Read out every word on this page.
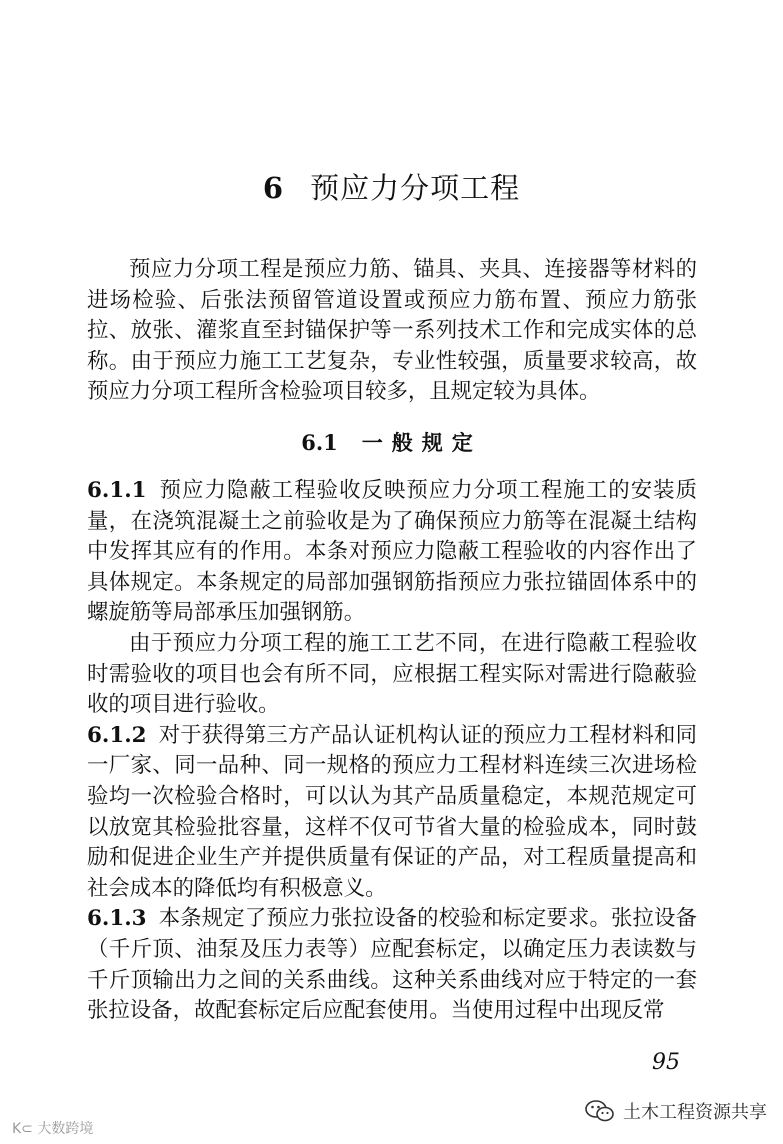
6 预应力分项工程

预应力分项工程是预应力筋、锚具、夹具、连接器等材料的进场检验、后张法预留管道设置或预应力筋布置、预应力筋张拉、放张、灌浆直至封锚保护等一系列技术工作和完成实体的总称。由于预应力施工工艺复杂，专业性较强，质量要求较高，故预应力分项工程所含检验项目较多，且规定较为具体。

6.1 一般规定

6.1.1 预应力隐蔽工程验收反映预应力分项工程施工的安装质量，在浇筑混凝土之前验收是为了确保预应力筋等在混凝土结构中发挥其应有的作用。本条对预应力隐蔽工程验收的内容作出了具体规定。本条规定的局部加强钢筋指预应力张拉锚固体系中的螺旋筋等局部承压加强钢筋。

由于预应力分项工程的施工工艺不同，在进行隐蔽工程验收时需验收的项目也会有所不同，应根据工程实际对需进行隐蔽验收的项目进行验收。

6.1.2 对于获得第三方产品认证机构认证的预应力工程材料和同一厂家、同一品种、同一规格的预应力工程材料连续三次进场检验均一次检验合格时，可以认为其产品质量稳定，本规范规定可以放宽其检验批容量，这样不仅可节省大量的检验成本，同时鼓励和促进企业生产并提供质量有保证的产品，对工程质量提高和社会成本的降低均有积极意义。

6.1.3 本条规定了预应力张拉设备的校验和标定要求。张拉设备（千斤顶、油泵及压力表等）应配套标定，以确定压力表读数与千斤顶输出力之间的关系曲线。这种关系曲线对应于特定的一套张拉设备，故配套标定后应配套使用。当使用过程中出现反常

95
K⊂ 大数跨境
土木工程资源共享
